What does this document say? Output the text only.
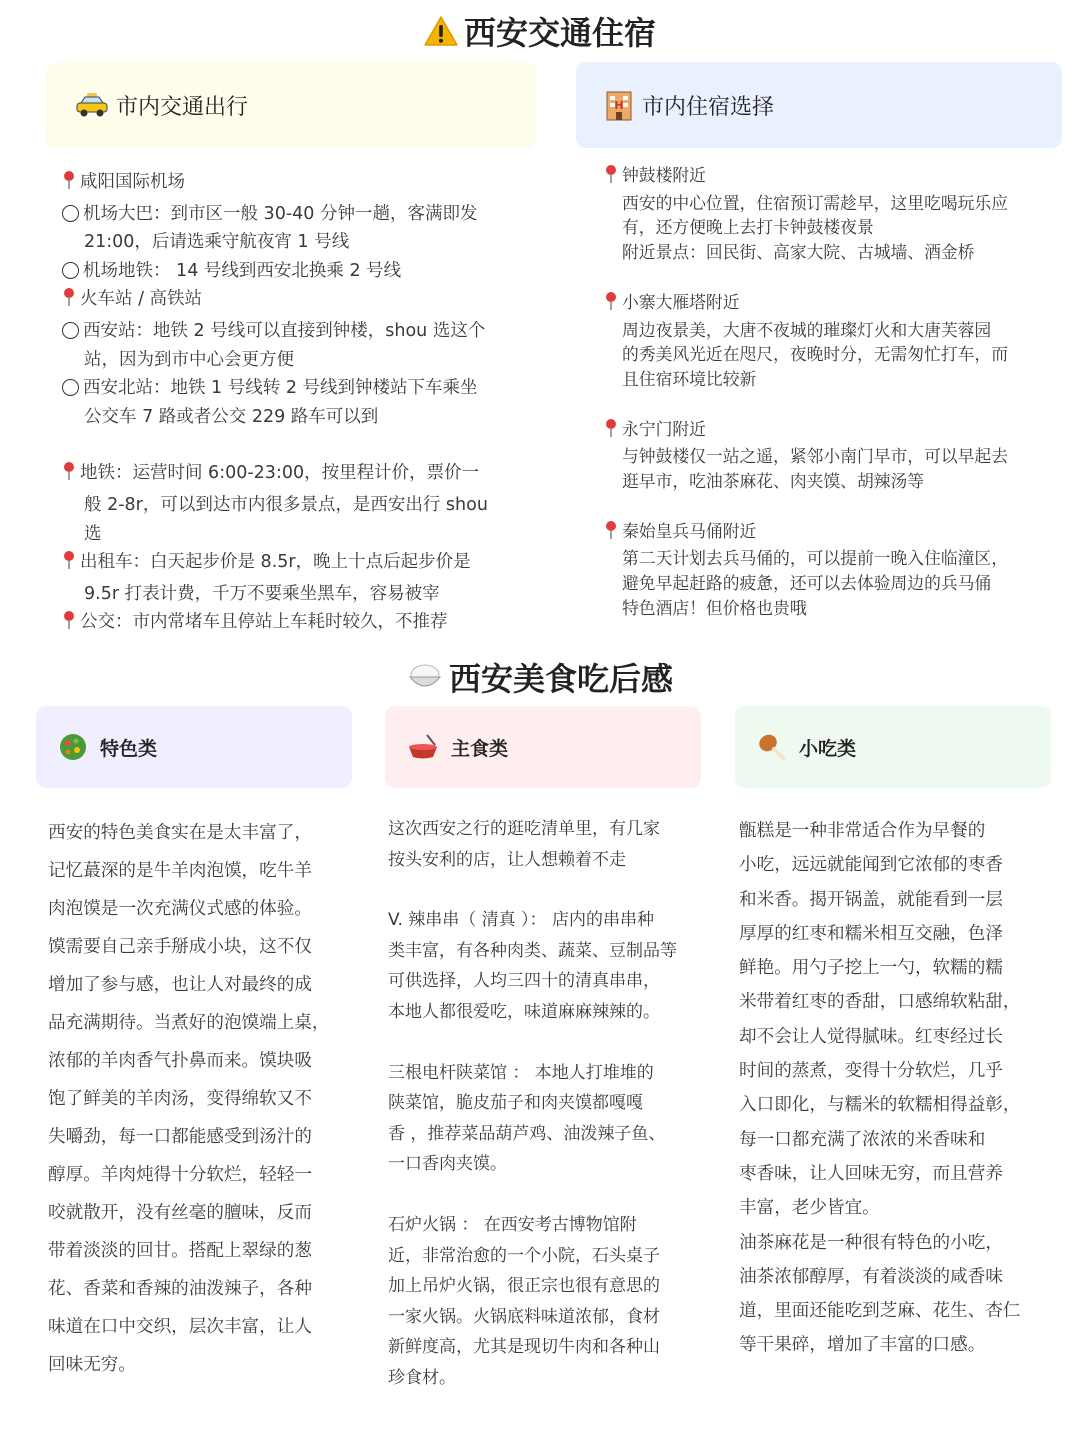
西安交通住宿
市内交通出行	H 市内住宿选择
咸阳国际机场
机场大巴：到市区一般 30-40 分钟一趟，客满即发
21:00，后请选乘守航夜宵 1 号线
机场地铁： 14 号线到西安北换乘 2 号线
火车站 / 高铁站
西安站：地铁 2 号线可以直接到钟楼，shou 选这个
站，因为到市中心会更方便
西安北站：地铁 1 号线转 2 号线到钟楼站下车乘坐
公交车 7 路或者公交 229 路车可以到
地铁：运营时间 6:00-23:00，按里程计价，票价一
般 2-8r，可以到达市内很多景点，是西安出行 shou
选
出租车：白天起步价是 8.5r，晚上十点后起步价是
9.5r 打表计费，千万不要乘坐黑车，容易被宰
公交：市内常堵车且停站上车耗时较久，不推荐
钟鼓楼附近
西安的中心位置，住宿预订需趁早，这里吃喝玩乐应
有，还方便晚上去打卡钟鼓楼夜景
附近景点：回民街、高家大院、古城墙、酒金桥
小寨大雁塔附近
周边夜景美，大唐不夜城的璀璨灯火和大唐芙蓉园
的秀美风光近在咫尺，夜晚时分，无需匆忙打车，而
且住宿环境比较新
永宁门附近
与钟鼓楼仅一站之遥，紧邻小南门早市，可以早起去
逛早市，吃油茶麻花、肉夹馍、胡辣汤等
秦始皇兵马俑附近
第二天计划去兵马俑的，可以提前一晚入住临潼区，
避免早起赶路的疲惫，还可以去体验周边的兵马俑
特色酒店！但价格也贵哦
西安美食吃后感
特色类	主食类	小吃类
西安的特色美食实在是太丰富了，
记忆蕞深的是牛羊肉泡馍，吃牛羊
肉泡馍是一次充满仪式感的体验。
馍需要自己亲手掰成小块，这不仅
增加了参与感，也让人对最终的成
品充满期待。当煮好的泡馍端上桌，
浓郁的羊肉香气扑鼻而来。馍块吸
饱了鲜美的羊肉汤，变得绵软又不
失嚼劲，每一口都能感受到汤汁的
醇厚。羊肉炖得十分软烂，轻轻一
咬就散开，没有丝毫的膻味，反而
带着淡淡的回甘。搭配上翠绿的葱
花、香菜和香辣的油泼辣子，各种
味道在口中交织，层次丰富，让人
回味无穷。
这次西安之行的逛吃清单里，有几家
按头安利的店，让人想赖着不走
V. 辣串串（ 清真 ）： 店内的串串种
类丰富，有各种肉类、蔬菜、豆制品等
可供选择，人均三四十的清真串串，
本地人都很爱吃，味道麻麻辣辣的。
三根电杆陕菜馆 ： 本地人打堆堆的
陕菜馆，脆皮茄子和肉夹馍都嘎嘎
香 ，推荐菜品葫芦鸡、油泼辣子鱼、
一口香肉夹馍。
石炉火锅 ： 在西安考古博物馆附
近，非常治愈的一个小院，石头桌子
加上吊炉火锅，很正宗也很有意思的
一家火锅。火锅底料味道浓郁，食材
新鲜度高，尤其是现切牛肉和各种山
珍食材。
甑糕是一种非常适合作为早餐的
小吃，远远就能闻到它浓郁的枣香
和米香。揭开锅盖，就能看到一层
厚厚的红枣和糯米相互交融，色泽
鲜艳。用勺子挖上一勺，软糯的糯
米带着红枣的香甜，口感绵软粘甜，
却不会让人觉得腻味。红枣经过长
时间的蒸煮，变得十分软烂，几乎
入口即化，与糯米的软糯相得益彰，
每一口都充满了浓浓的米香味和
枣香味，让人回味无穷，而且营养
丰富，老少皆宜。
油茶麻花是一种很有特色的小吃，
油茶浓郁醇厚，有着淡淡的咸香味
道，里面还能吃到芝麻、花生、杏仁
等干果碎，增加了丰富的口感。
